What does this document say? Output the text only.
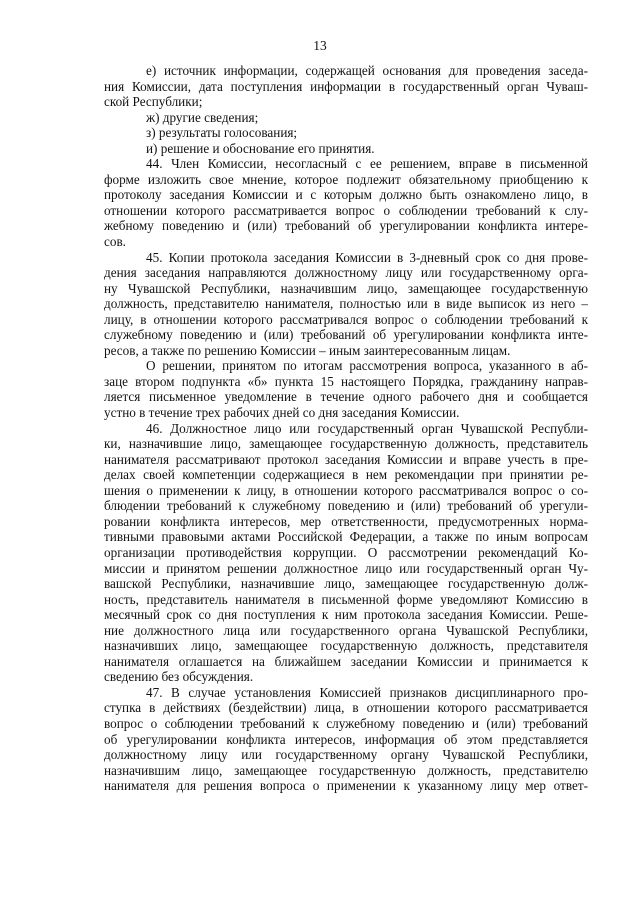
13
е) источник информации, содержащей основания для проведения заседа-
ния Комиссии, дата поступления информации в государственный орган Чуваш-
ской Республики;
ж) другие сведения;
з) результаты голосования;
и) решение и обоснование его принятия.
44. Член Комиссии, несогласный с ее решением, вправе в письменной
форме изложить свое мнение, которое подлежит обязательному приобщению к
протоколу заседания Комиссии и с которым должно быть ознакомлено лицо, в
отношении которого рассматривается вопрос о соблюдении требований к слу-
жебному поведению и (или) требований об урегулировании конфликта интере-
сов.
45. Копии протокола заседания Комиссии в 3-дневный срок со дня прове-
дения заседания направляются должностному лицу или государственному орга-
ну Чувашской Республики, назначившим лицо, замещающее государственную
должность, представителю нанимателя, полностью или в виде выписок из него –
лицу, в отношении которого рассматривался вопрос о соблюдении требований к
служебному поведению и (или) требований об урегулировании конфликта инте-
ресов, а также по решению Комиссии – иным заинтересованным лицам.
О решении, принятом по итогам рассмотрения вопроса, указанного в аб-
заце втором подпункта «б» пункта 15 настоящего Порядка, гражданину направ-
ляется письменное уведомление в течение одного рабочего дня и сообщается
устно в течение трех рабочих дней со дня заседания Комиссии.
46. Должностное лицо или государственный орган Чувашской Республи-
ки, назначившие лицо, замещающее государственную должность, представитель
нанимателя рассматривают протокол заседания Комиссии и вправе учесть в пре-
делах своей компетенции содержащиеся в нем рекомендации при принятии ре-
шения о применении к лицу, в отношении которого рассматривался вопрос о со-
блюдении требований к служебному поведению и (или) требований об урегули-
ровании конфликта интересов, мер ответственности, предусмотренных норма-
тивными правовыми актами Российской Федерации, а также по иным вопросам
организации противодействия коррупции. О рассмотрении рекомендаций Ко-
миссии и принятом решении должностное лицо или государственный орган Чу-
вашской Республики, назначившие лицо, замещающее государственную долж-
ность, представитель нанимателя в письменной форме уведомляют Комиссию в
месячный срок со дня поступления к ним протокола заседания Комиссии. Реше-
ние должностного лица или государственного органа Чувашской Республики,
назначивших лицо, замещающее государственную должность, представителя
нанимателя оглашается на ближайшем заседании Комиссии и принимается к
сведению без обсуждения.
47. В случае установления Комиссией признаков дисциплинарного про-
ступка в действиях (бездействии) лица, в отношении которого рассматривается
вопрос о соблюдении требований к служебному поведению и (или) требований
об урегулировании конфликта интересов, информация об этом представляется
должностному лицу или государственному органу Чувашской Республики,
назначившим лицо, замещающее государственную должность, представителю
нанимателя для решения вопроса о применении к указанному лицу мер ответ-
